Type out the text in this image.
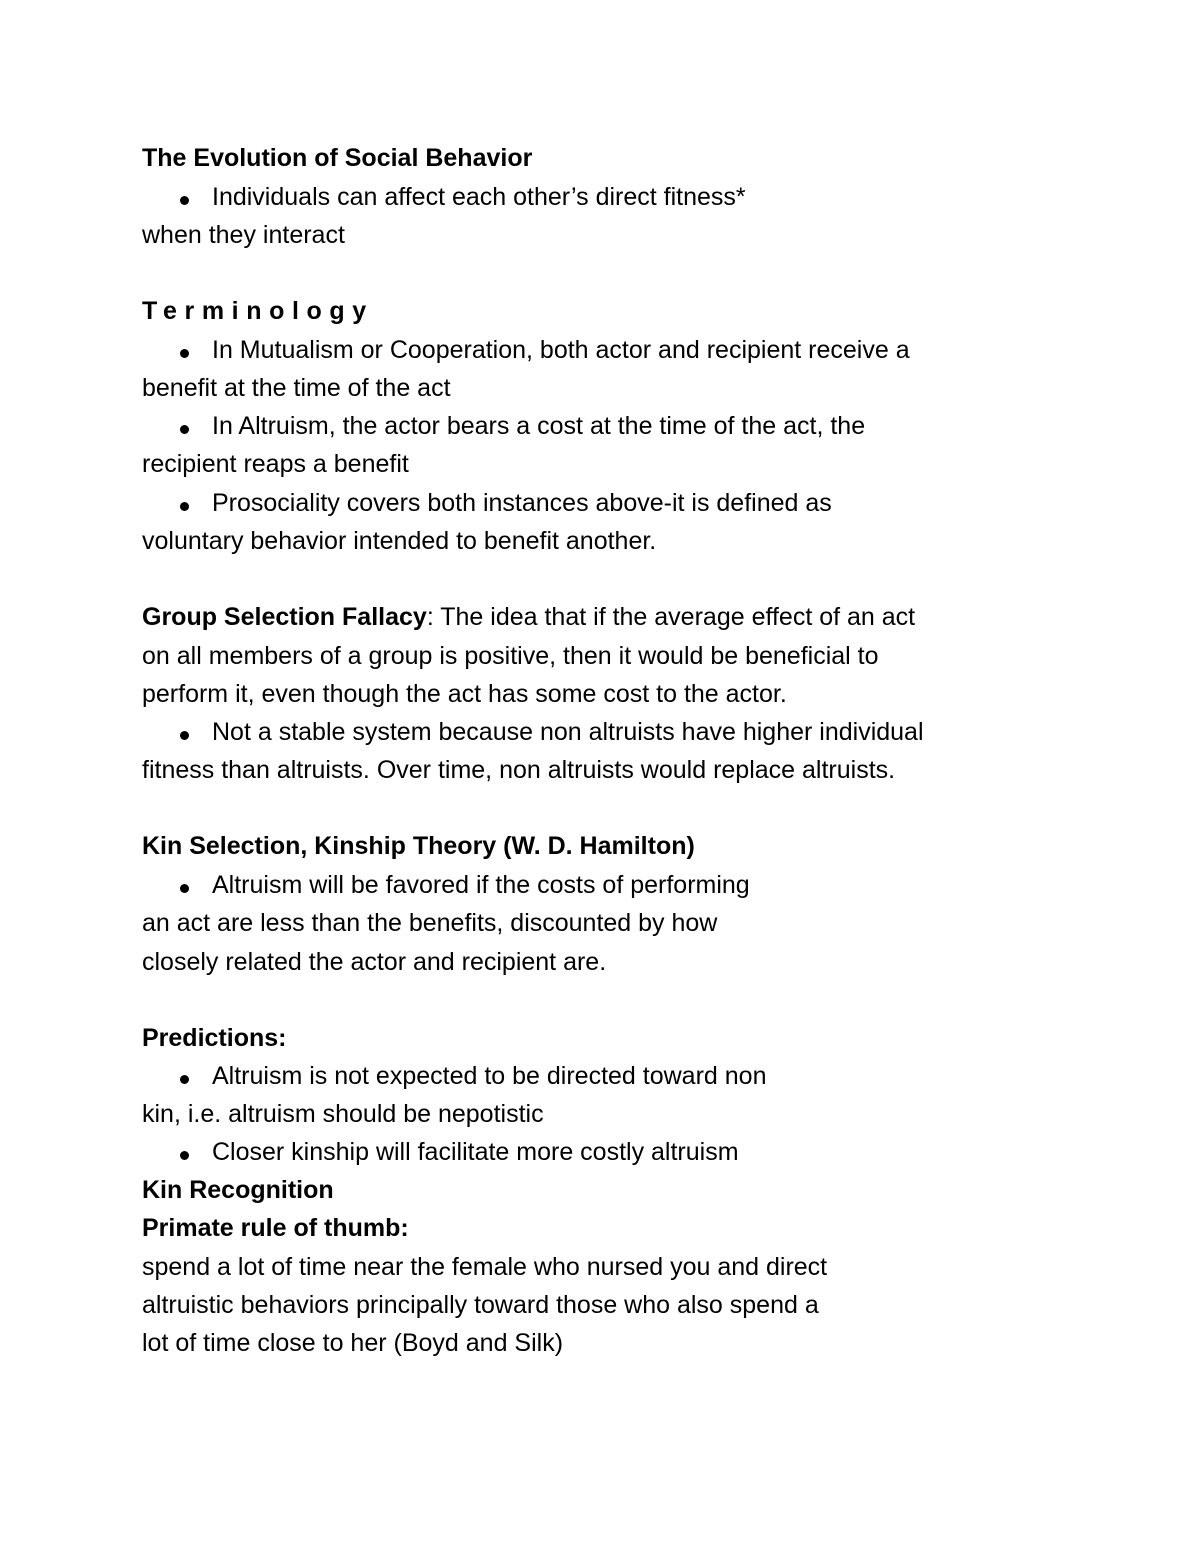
The Evolution of Social Behavior

Individuals can affect each other’s direct fitness*

when they interact

Terminology

In Mutualism or Cooperation, both actor and recipient receive a

benefit at the time of the act

In Altruism, the actor bears a cost at the time of the act, the

recipient reaps a benefit

Prosociality covers both instances above-it is defined as

voluntary behavior intended to benefit another.

Group Selection Fallacy: The idea that if the average effect of an act

on all members of a group is positive, then it would be beneficial to

perform it, even though the act has some cost to the actor.

Not a stable system because non altruists have higher individual

fitness than altruists. Over time, non altruists would replace altruists.

Kin Selection, Kinship Theory (W. D. Hamilton)

Altruism will be favored if the costs of performing

an act are less than the benefits, discounted by how

closely related the actor and recipient are.

Predictions:

Altruism is not expected to be directed toward non

kin, i.e. altruism should be nepotistic

Closer kinship will facilitate more costly altruism

Kin Recognition

Primate rule of thumb:

spend a lot of time near the female who nursed you and direct

altruistic behaviors principally toward those who also spend a

lot of time close to her (Boyd and Silk)
